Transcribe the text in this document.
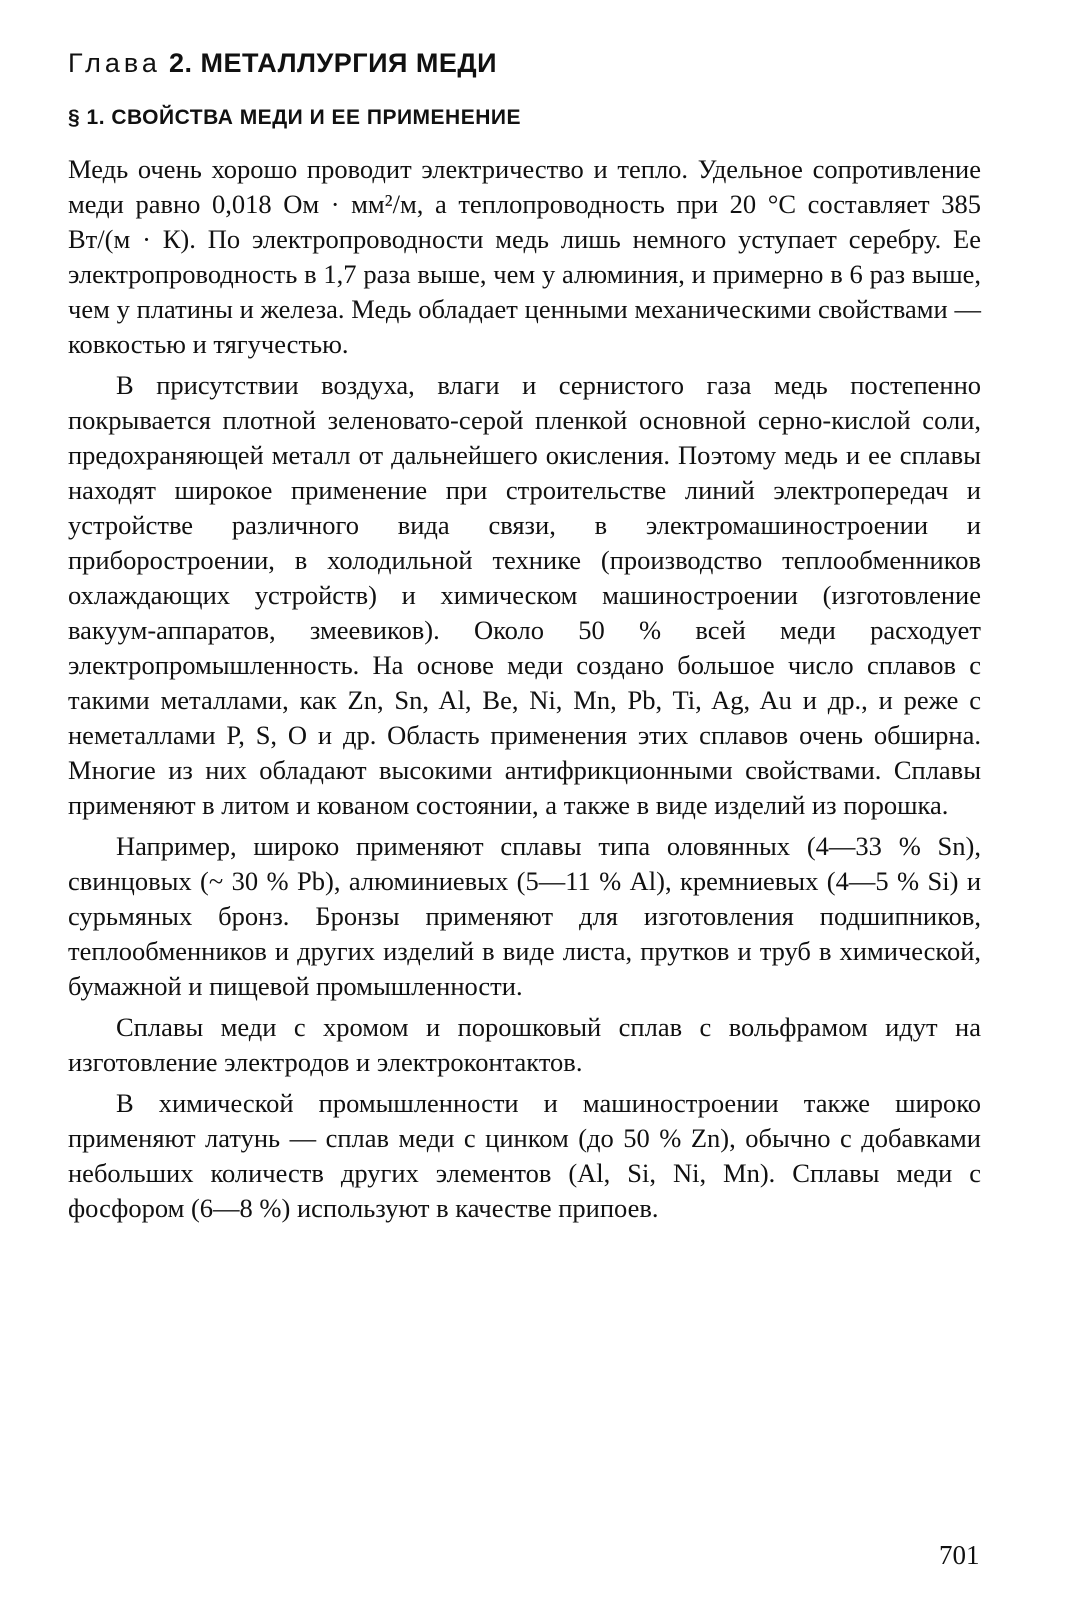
Глава 2. МЕТАЛЛУРГИЯ МЕДИ
§ 1. СВОЙСТВА МЕДИ И ЕЕ ПРИМЕНЕНИЕ

Медь очень хорошо проводит электричество и тепло. Удельное сопротивление меди равно 0,018 Ом · мм²/м, а теплопроводность при 20 °С составляет 385 Вт/(м · К). По электропроводности медь лишь немного уступает серебру. Ее электропроводность в 1,7 раза выше, чем у алюминия, и примерно в 6 раз выше, чем у платины и железа. Медь обладает ценными механическими свойствами — ковкостью и тягучестью.

В присутствии воздуха, влаги и сернистого газа медь постепенно покрывается плотной зеленовато-серой пленкой основной серно-кислой соли, предохраняющей металл от дальнейшего окисления. Поэтому медь и ее сплавы находят широкое применение при строительстве линий электропередач и устройстве различного вида связи, в электромашиностроении и приборостроении, в холодильной технике (производство теплообменников охлаждающих устройств) и химическом машиностроении (изготовление вакуум-аппаратов, змеевиков). Около 50 % всей меди расходует электропромышленность. На основе меди создано большое число сплавов с такими металлами, как Zn, Sn, Al, Be, Ni, Mn, Pb, Ti, Ag, Au и др., и реже с неметаллами P, S, O и др. Область применения этих сплавов очень обширна. Многие из них обладают высокими антифрикционными свойствами. Сплавы применяют в литом и кованом состоянии, а также в виде изделий из порошка.

Например, широко применяют сплавы типа оловянных (4—33 % Sn), свинцовых (~ 30 % Pb), алюминиевых (5—11 % Al), кремниевых (4—5 % Si) и сурьмяных бронз. Бронзы применяют для изготовления подшипников, теплообменников и других изделий в виде листа, прутков и труб в химической, бумажной и пищевой промышленности.

Сплавы меди с хромом и порошковый сплав с вольфрамом идут на изготовление электродов и электроконтактов.

В химической промышленности и машиностроении также широко применяют латунь — сплав меди с цинком (до 50 % Zn), обычно с добавками небольших количеств других элементов (Al, Si, Ni, Mn). Сплавы меди с фосфором (6—8 %) используют в качестве припоев.

701
